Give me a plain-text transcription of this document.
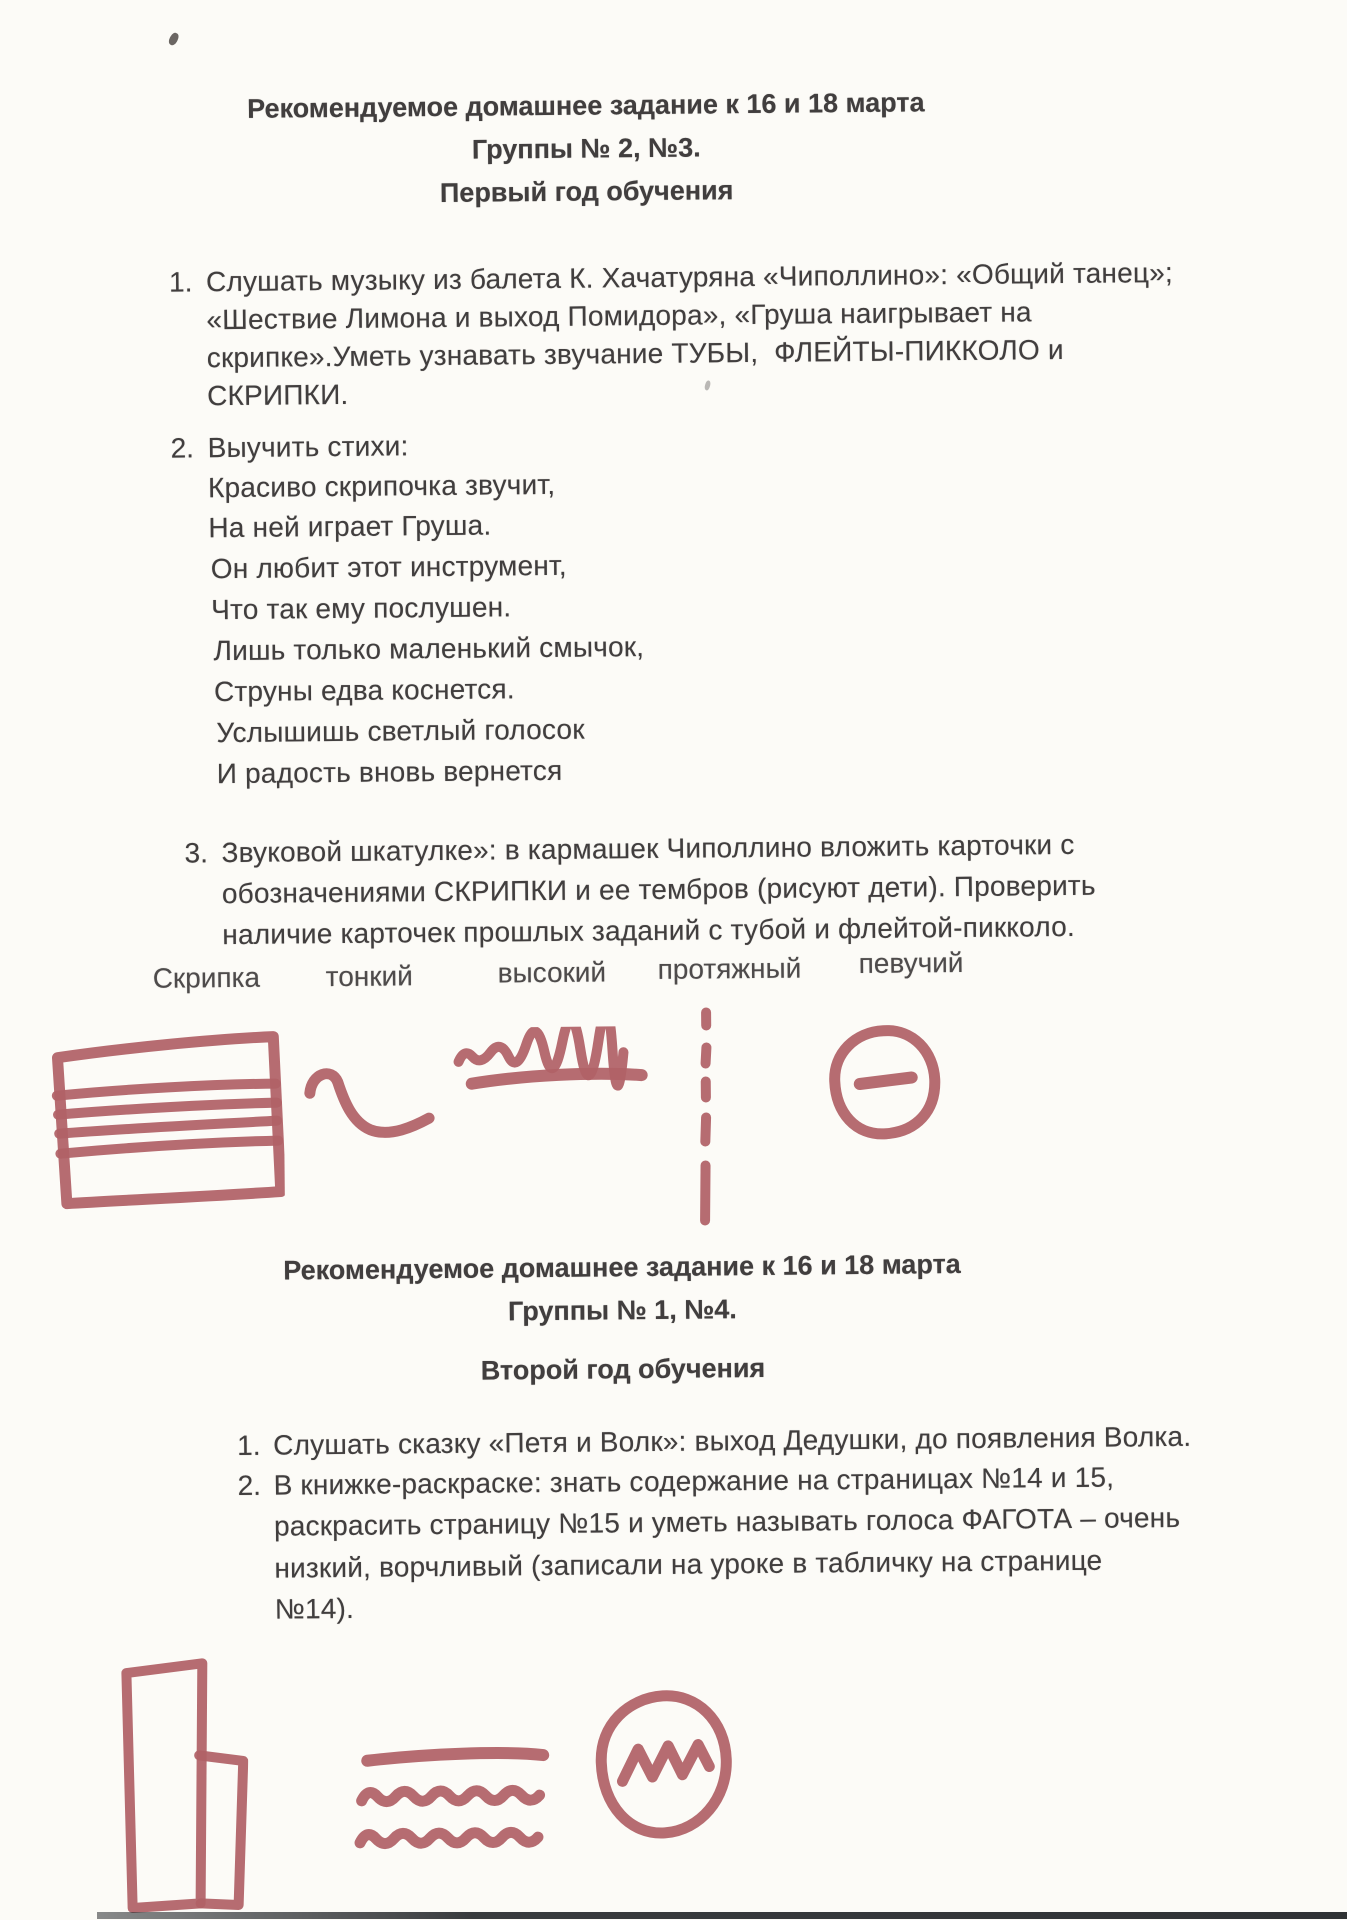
Рекомендуемое домашнее задание к 16 и 18 марта
Группы № 2, №3.
Первый год обучения
1. Слушать музыку из балета К. Хачатуряна «Чиполлино»: «Общий танец»;
«Шествие Лимона и выход Помидора», «Груша наигрывает на
скрипке».Уметь узнавать звучание ТУБЫ,  ФЛЕЙТЫ-ПИККОЛО и
СКРИПКИ.
2. Выучить стихи:
Красиво скрипочка звучит,
На ней играет Груша.
Он любит этот инструмент,
Что так ему послушен.
Лишь только маленький смычок,
Струны едва коснется.
Услышишь светлый голосок
И радость вновь вернется
3. Звуковой шкатулке»: в кармашек Чиполлино вложить карточки с
обозначениями СКРИПКИ и ее тембров (рисуют дети). Проверить
наличие карточек прошлых заданий с тубой и флейтой-пикколо.
Скрипка тонкий	высокий протяжный певучий
Рекомендуемое домашнее задание к 16 и 18 марта
Группы № 1, №4.
Второй год обучения
1. Слушать сказку «Петя и Волк»: выход Дедушки, до появления Волка.
2. В книжке-раскраске: знать содержание на страницах №14 и 15,
раскрасить страницу №15 и уметь называть голоса ФАГОТА – очень
низкий, ворчливый (записали на уроке в табличку на странице
№14).
